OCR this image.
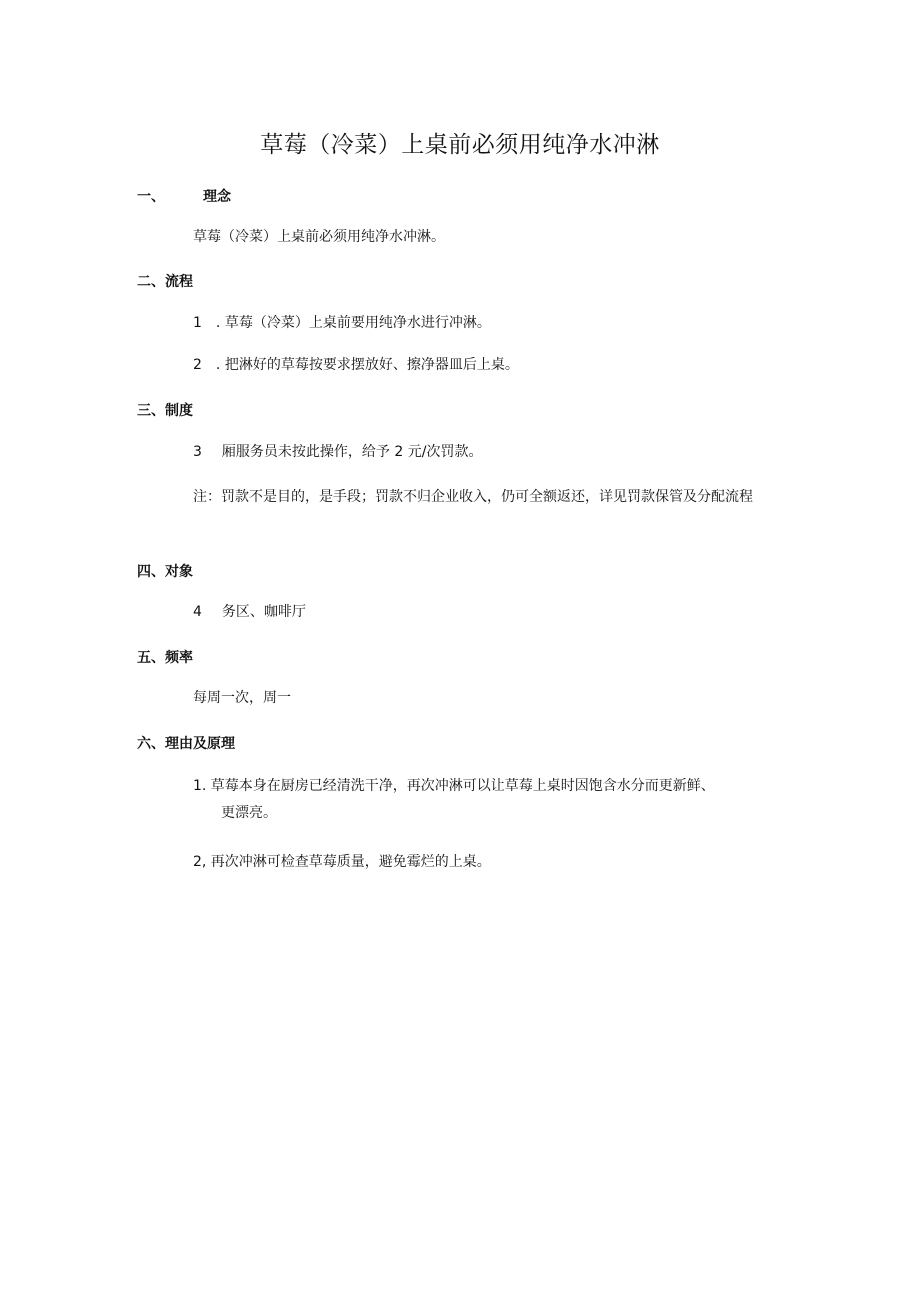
草莓（冷菜）上桌前必须用纯净水冲淋
一、	理念

草莓（冷菜）上桌前必须用纯净水冲淋。

二、流程

1 . 草莓（冷菜）上桌前要用纯净水进行冲淋。

2 . 把淋好的草莓按要求摆放好、擦净器皿后上桌。

三、制度

3 厢服务员未按此操作，给予 2 元/次罚款。

注：罚款不是目的，是手段；罚款不归企业收入，仍可全额返还，详见罚款保管及分配流程

四、对象

4 务区、咖啡厅

五、频率

每周一次，周一

六、理由及原理
1. 草莓本身在厨房已经清洗干净，再次冲淋可以让草莓上桌时因饱含水分而更新鲜、
更漂亮。

2, 再次冲淋可检查草莓质量，避免霉烂的上桌。
